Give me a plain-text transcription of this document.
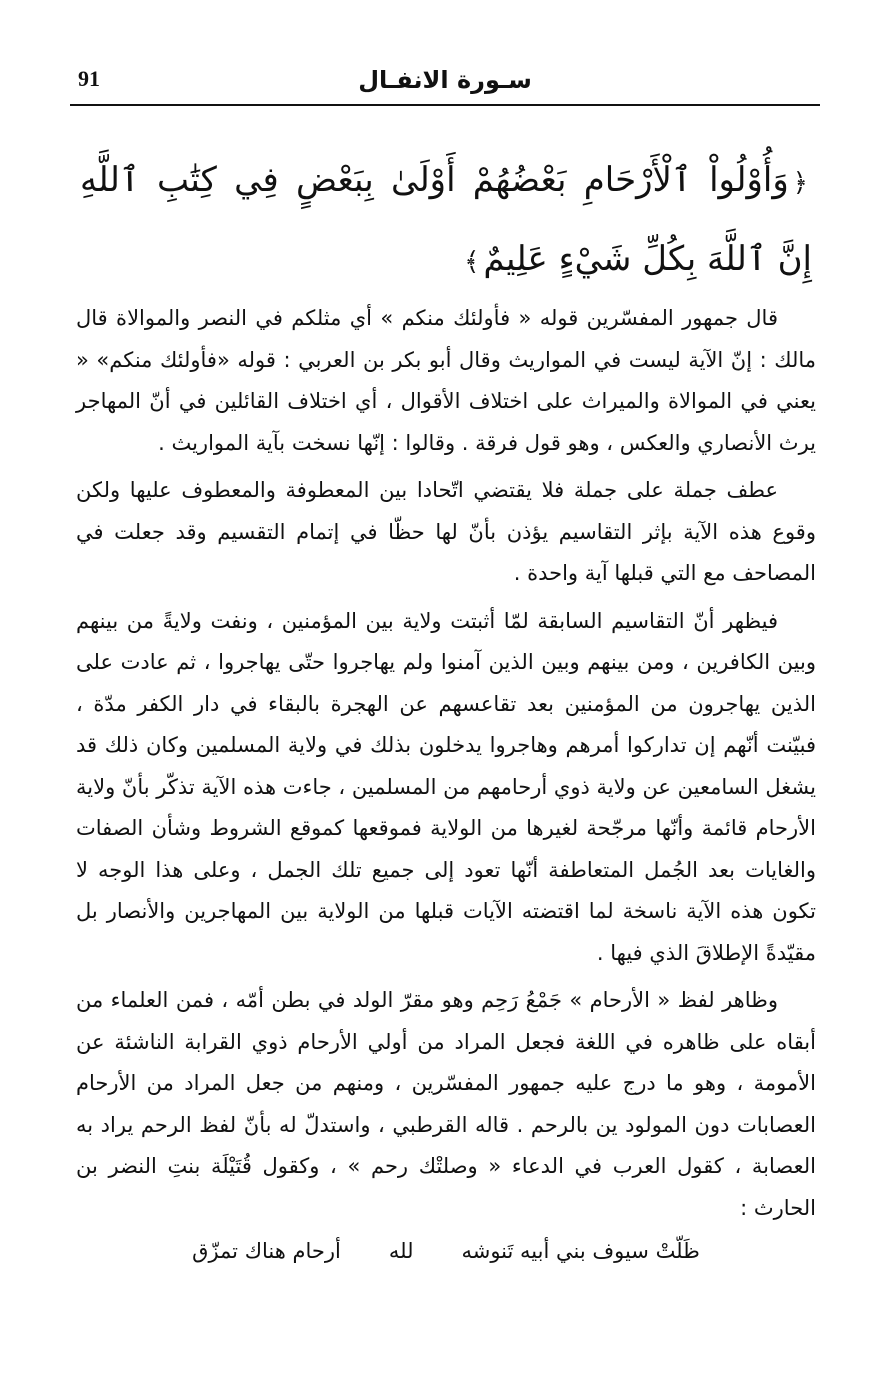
91	سـورة الانفـال
﴿وَأُوْلُواْ ٱلْأَرْحَامِ بَعْضُهُمْ أَوْلَىٰ بِبَعْضٍ فِي كِتَٰبِ ٱللَّهِ إِنَّ ٱللَّهَ بِكُلِّ شَيْءٍ عَلِيمٌ﴾

قال جمهور المفسّرين قوله « فأولئك منكم » أي مثلكم في النصر والموالاة قال مالك : إنّ الآية ليست في المواريث وقال أبو بكر بن العربي : قوله «فأولئك منكم» « يعني في الموالاة والميراث على اختلاف الأقوال ، أي اختلاف القائلين في أنّ المهاجر يرث الأنصاري والعكس ، وهو قول فرقة . وقالوا : إنّها نسخت بآية المواريث .

عطف جملة على جملة فلا يقتضي اتّحادا بين المعطوفة والمعطوف عليها ولكن وقوع هذه الآية بإثر التقاسيم يؤذن بأنّ لها حظّا في إتمام التقسيم وقد جعلت في المصاحف مع التي قبلها آية واحدة .

فيظهر أنّ التقاسيم السابقة لمّا أثبتت ولاية بين المؤمنين ، ونفت ولايةً من بينهم وبين الكافرين ، ومن بينهم وبين الذين آمنوا ولم يهاجروا حتّى يهاجروا ، ثم عادت على الذين يهاجرون من المؤمنين بعد تقاعسهم عن الهجرة بالبقاء في دار الكفر مدّة ، فبيّنت أنّهم إن تداركوا أمرهم وهاجروا يدخلون بذلك في ولاية المسلمين وكان ذلك قد يشغل السامعين عن ولاية ذوي أرحامهم من المسلمين ، جاءت هذه الآية تذكّر بأنّ ولاية الأرحام قائمة وأنّها مرجّحة لغيرها من الولاية فموقعها كموقع الشروط وشأن الصفات والغايات بعد الجُمل المتعاطفة أنّها تعود إلى جميع تلك الجمل ، وعلى هذا الوجه لا تكون هذه الآية ناسخة لما اقتضته الآيات قبلها من الولاية بين المهاجرين والأنصار بل مقيّدةً الإطلاقَ الذي فيها .

وظاهر لفظ « الأرحام » جَمْعُ رَحِم وهو مقرّ الولد في بطن أمّه ، فمن العلماء من أبقاه على ظاهره في اللغة فجعل المراد من أولي الأرحام ذوي القرابة الناشئة عن الأمومة ، وهو ما درج عليه جمهور المفسّرين ، ومنهم من جعل المراد من الأرحام العصابات دون المولود ين بالرحم . قاله القرطبي ، واستدلّ له بأنّ لفظ الرحم يراد به العصابة ، كقول العرب في الدعاء « وصلتْك رحم » ، وكقول قُتَيْلَة بنتِ النضر بن الحارث :

ظَلّتْ سيوف بني أبيه تَنوشه
لله
أرحام هناك تمزّق
